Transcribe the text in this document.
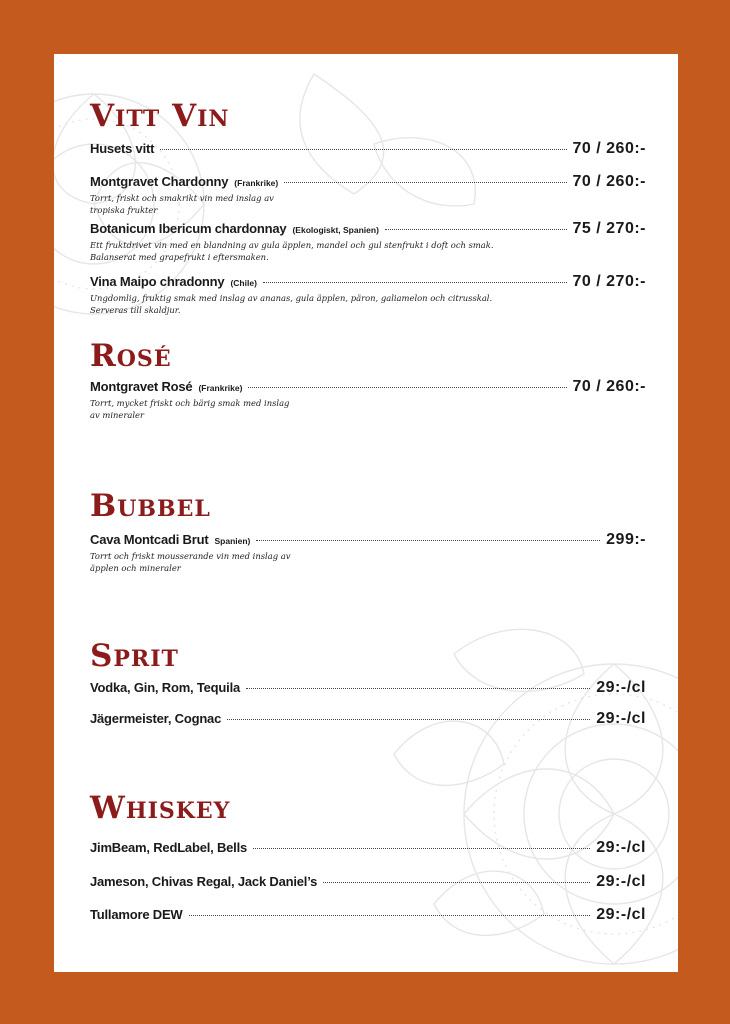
Vitt Vin
Husets vitt	70 / 260:-
Montgravet Chardonny (Frankrike)	70 / 260:-
Torrt, friskt och smakrikt vin med inslag av
tropiska frukter
Botanicum Ibericum chardonnay (Ekologiskt, Spanien)	75 / 270:-
Ett fruktdrivet vin med en blandning av gula äpplen, mandel och gul stenfrukt i doft och smak.
Balanserat med grapefrukt i eftersmaken.
Vina Maipo chradonny (Chile)	70 / 270:-
Ungdomlig, fruktig smak med inslag av ananas, gula äpplen, päron, galiamelon och citrusskal.
Serveras till skaldjur.
Rosé
Montgravet Rosé (Frankrike)	70 / 260:-
Torrt, mycket friskt och bärig smak med inslag
av mineraler
Bubbel
Cava Montcadi Brut Spanien)	299:-
Torrt och friskt mousserande vin med inslag av
äpplen och mineraler
Sprit
Vodka, Gin, Rom, Tequila	29:-/cl
Jägermeister, Cognac	29:-/cl
Whiskey
JimBeam, RedLabel, Bells	29:-/cl
Jameson, Chivas Regal, Jack Daniel’s	29:-/cl
Tullamore DEW	29:-/cl
